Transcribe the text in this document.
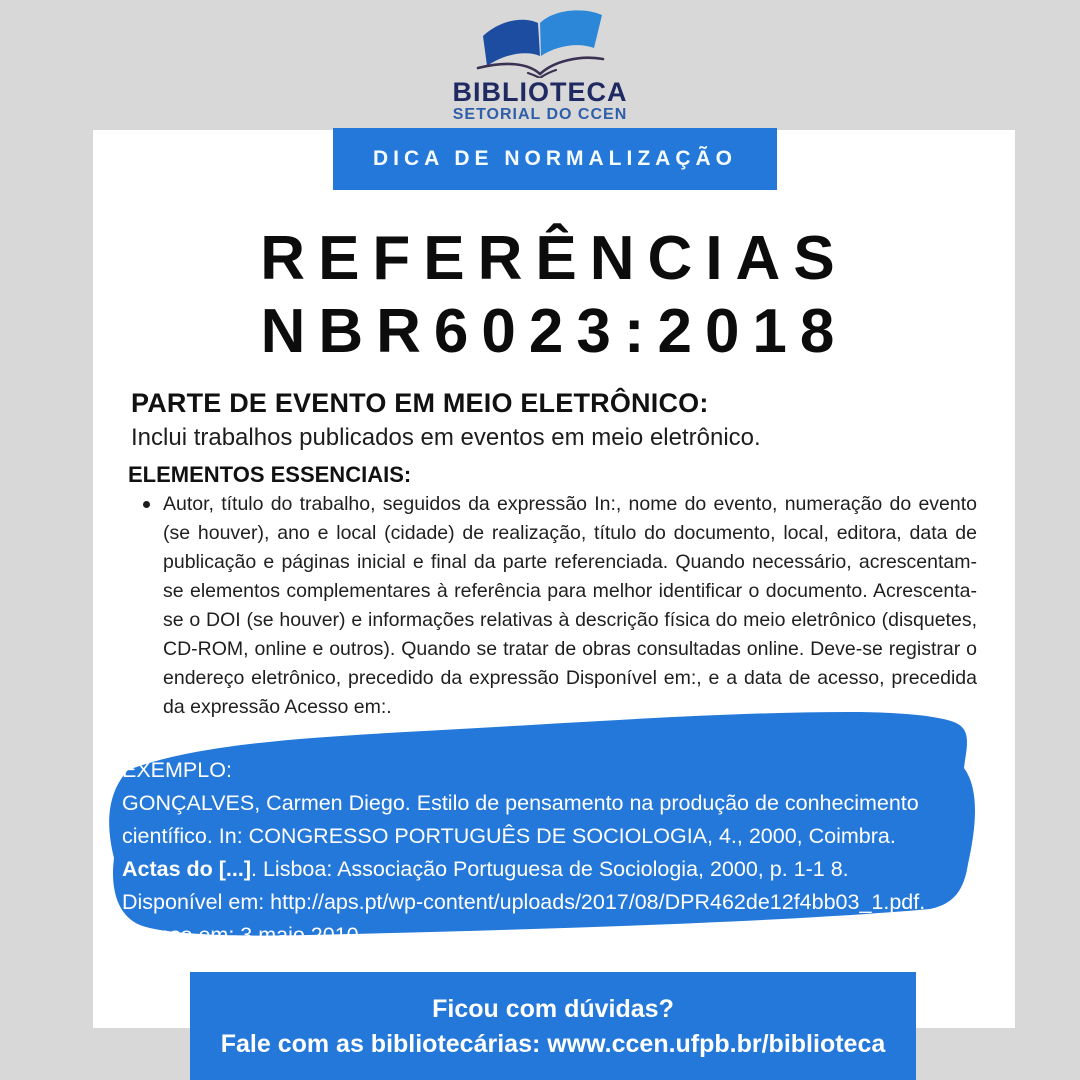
BIBLIOTECA
SETORIAL DO CCEN
DICA DE NORMALIZAÇÃO
REFERÊNCIAS
NBR6023:2018
PARTE DE EVENTO EM MEIO ELETRÔNICO:
Inclui trabalhos publicados em eventos em meio eletrônico.
ELEMENTOS ESSENCIAIS:
Autor, título do trabalho, seguidos da expressão In:, nome do evento, numeração do evento (se houver), ano e local (cidade) de realização, título do documento, local, editora, data de publicação e páginas inicial e final da parte referenciada. Quando necessário, acrescentam-se elementos complementares à referência para melhor identificar o documento. Acrescenta-se o DOI (se houver) e informações relativas à descrição física do meio eletrônico (disquetes, CD-ROM, online e outros). Quando se tratar de obras consultadas online. Deve-se registrar o endereço eletrônico, precedido da expressão Disponível em:, e a data de acesso, precedida da expressão Acesso em:.
EXEMPLO:
GONÇALVES, Carmen Diego. Estilo de pensamento na produção de conhecimento científico. In: CONGRESSO PORTUGUÊS DE SOCIOLOGIA, 4., 2000, Coimbra. Actas do [...]. Lisboa: Associação Portuguesa de Sociologia, 2000, p. 1-1 8. Disponível em: http://aps.pt/wp-content/uploads/2017/08/DPR462de12f4bb03_1.pdf. Acesso em: 3 maio 2010.
Ficou com dúvidas?
Fale com as bibliotecárias: www.ccen.ufpb.br/biblioteca
